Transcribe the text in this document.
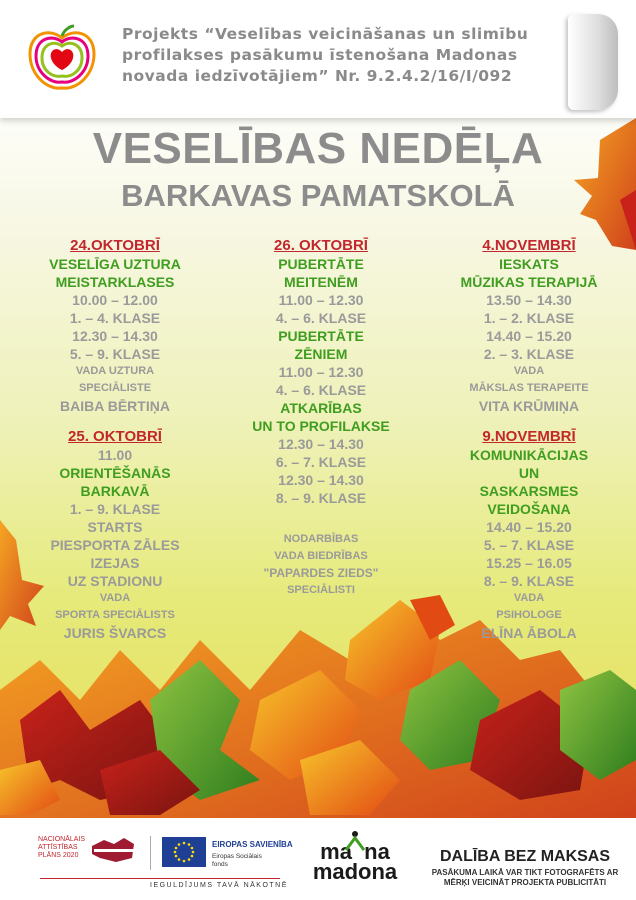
Projekts “Veselības veicināšanas un slimību
profilakses pasākumu īstenošana Madonas
novada iedzīvotājiem” Nr. 9.2.4.2/16/I/092
VESELĪBAS NEDĒĻA
BARKAVAS PAMATSKOLĀ
24.OKTOBRĪ
VESELĪGA UZTURA
MEISTARKLASES
10.00 – 12.00
1. – 4. KLASE
12.30 – 14.30
5. – 9. KLASE
VADA UZTURA
SPECIĀLISTE
BAIBA BĒRTIŅA
25. OKTOBRĪ
11.00
ORIENTĒŠANĀS
BARKAVĀ
1. – 9. KLASE
STARTS
PIESPORTA ZĀLES
IZEJAS
UZ STADIONU
VADA
SPORTA SPECIĀLISTS
JURIS ŠVARCS
26. OKTOBRĪ
PUBERTĀTE
MEITENĒM
11.00 – 12.30
4. – 6. KLASE
PUBERTĀTE
ZĒNIEM
11.00 – 12.30
4. – 6. KLASE
ATKARĪBAS
UN TO PROFILAKSE
12.30 – 14.30
6. – 7. KLASE
12.30 – 14.30
8. – 9. KLASE
NODARBĪBAS
VADA BIEDRĪBAS
"PAPARDES ZIEDS"
SPECIĀLISTI
4.NOVEMBRĪ
IESKATS
MŪZIKAS TERAPIJĀ
13.50 – 14.30
1. – 2. KLASE
14.40 – 15.20
2. – 3. KLASE
VADA
MĀKSLAS TERAPEITE
VITA KRŪMIŅA
9.NOVEMBRĪ
KOMUNIKĀCIJAS
UN
SASKARSMES
VEIDOŠANA
14.40 – 15.20
5. – 7. KLASE
15.25 – 16.05
8. – 9. KLASE
VADA
PSIHOLOGE
ELĪNA ĀBOLA
NACIONĀLAIS
ATTĪSTĪBAS
PLĀNS 2020
EIROPAS SAVIENĪBA
Eiropas Sociālais
fonds
IEGULDĪJUMS TAVĀ NĀKOTNĒ
ma  na
madona
DALĪBA BEZ MAKSAS
PASĀKUMA LAIKĀ VAR TIKT FOTOGRAFĒTS AR
MĒRĶI VEICINĀT PROJEKTA PUBLICITĀTI
